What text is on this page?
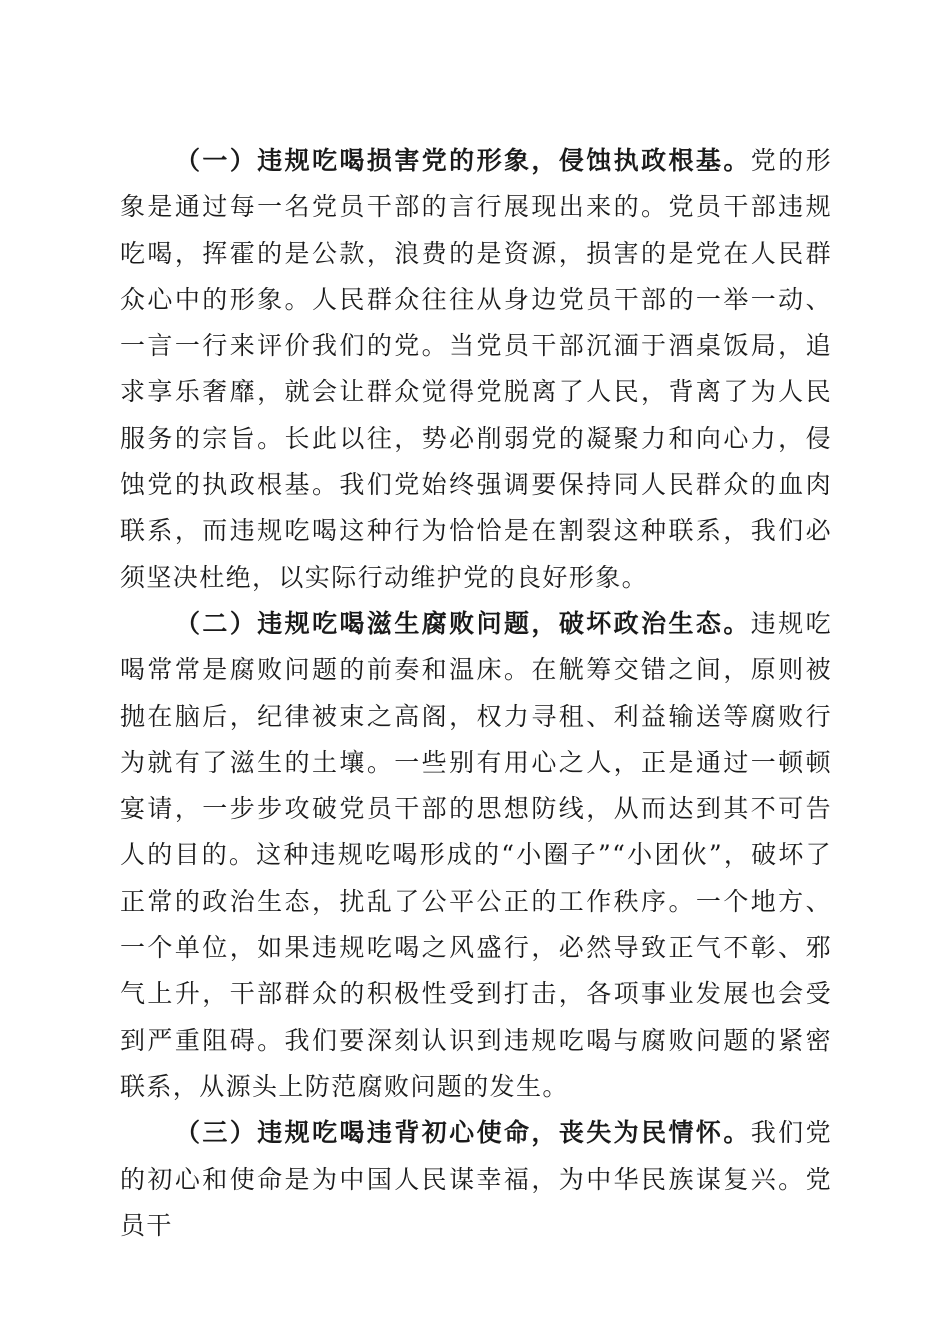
（一）违规吃喝损害党的形象，侵蚀执政根基。党的形象是通过每一名党员干部的言行展现出来的。党员干部违规吃喝，挥霍的是公款，浪费的是资源，损害的是党在人民群众心中的形象。人民群众往往从身边党员干部的一举一动、一言一行来评价我们的党。当党员干部沉湎于酒桌饭局，追求享乐奢靡，就会让群众觉得党脱离了人民，背离了为人民服务的宗旨。长此以往，势必削弱党的凝聚力和向心力，侵蚀党的执政根基。我们党始终强调要保持同人民群众的血肉联系，而违规吃喝这种行为恰恰是在割裂这种联系，我们必须坚决杜绝，以实际行动维护党的良好形象。

（二）违规吃喝滋生腐败问题，破坏政治生态。违规吃喝常常是腐败问题的前奏和温床。在觥筹交错之间，原则被抛在脑后，纪律被束之高阁，权力寻租、利益输送等腐败行为就有了滋生的土壤。一些别有用心之人，正是通过一顿顿宴请，一步步攻破党员干部的思想防线，从而达到其不可告人的目的。这种违规吃喝形成的“小圈子”“小团伙”，破坏了正常的政治生态，扰乱了公平公正的工作秩序。一个地方、一个单位，如果违规吃喝之风盛行，必然导致正气不彰、邪气上升，干部群众的积极性受到打击，各项事业发展也会受到严重阻碍。我们要深刻认识到违规吃喝与腐败问题的紧密联系，从源头上防范腐败问题的发生。

（三）违规吃喝违背初心使命，丧失为民情怀。我们党的初心和使命是为中国人民谋幸福，为中华民族谋复兴。党员干
